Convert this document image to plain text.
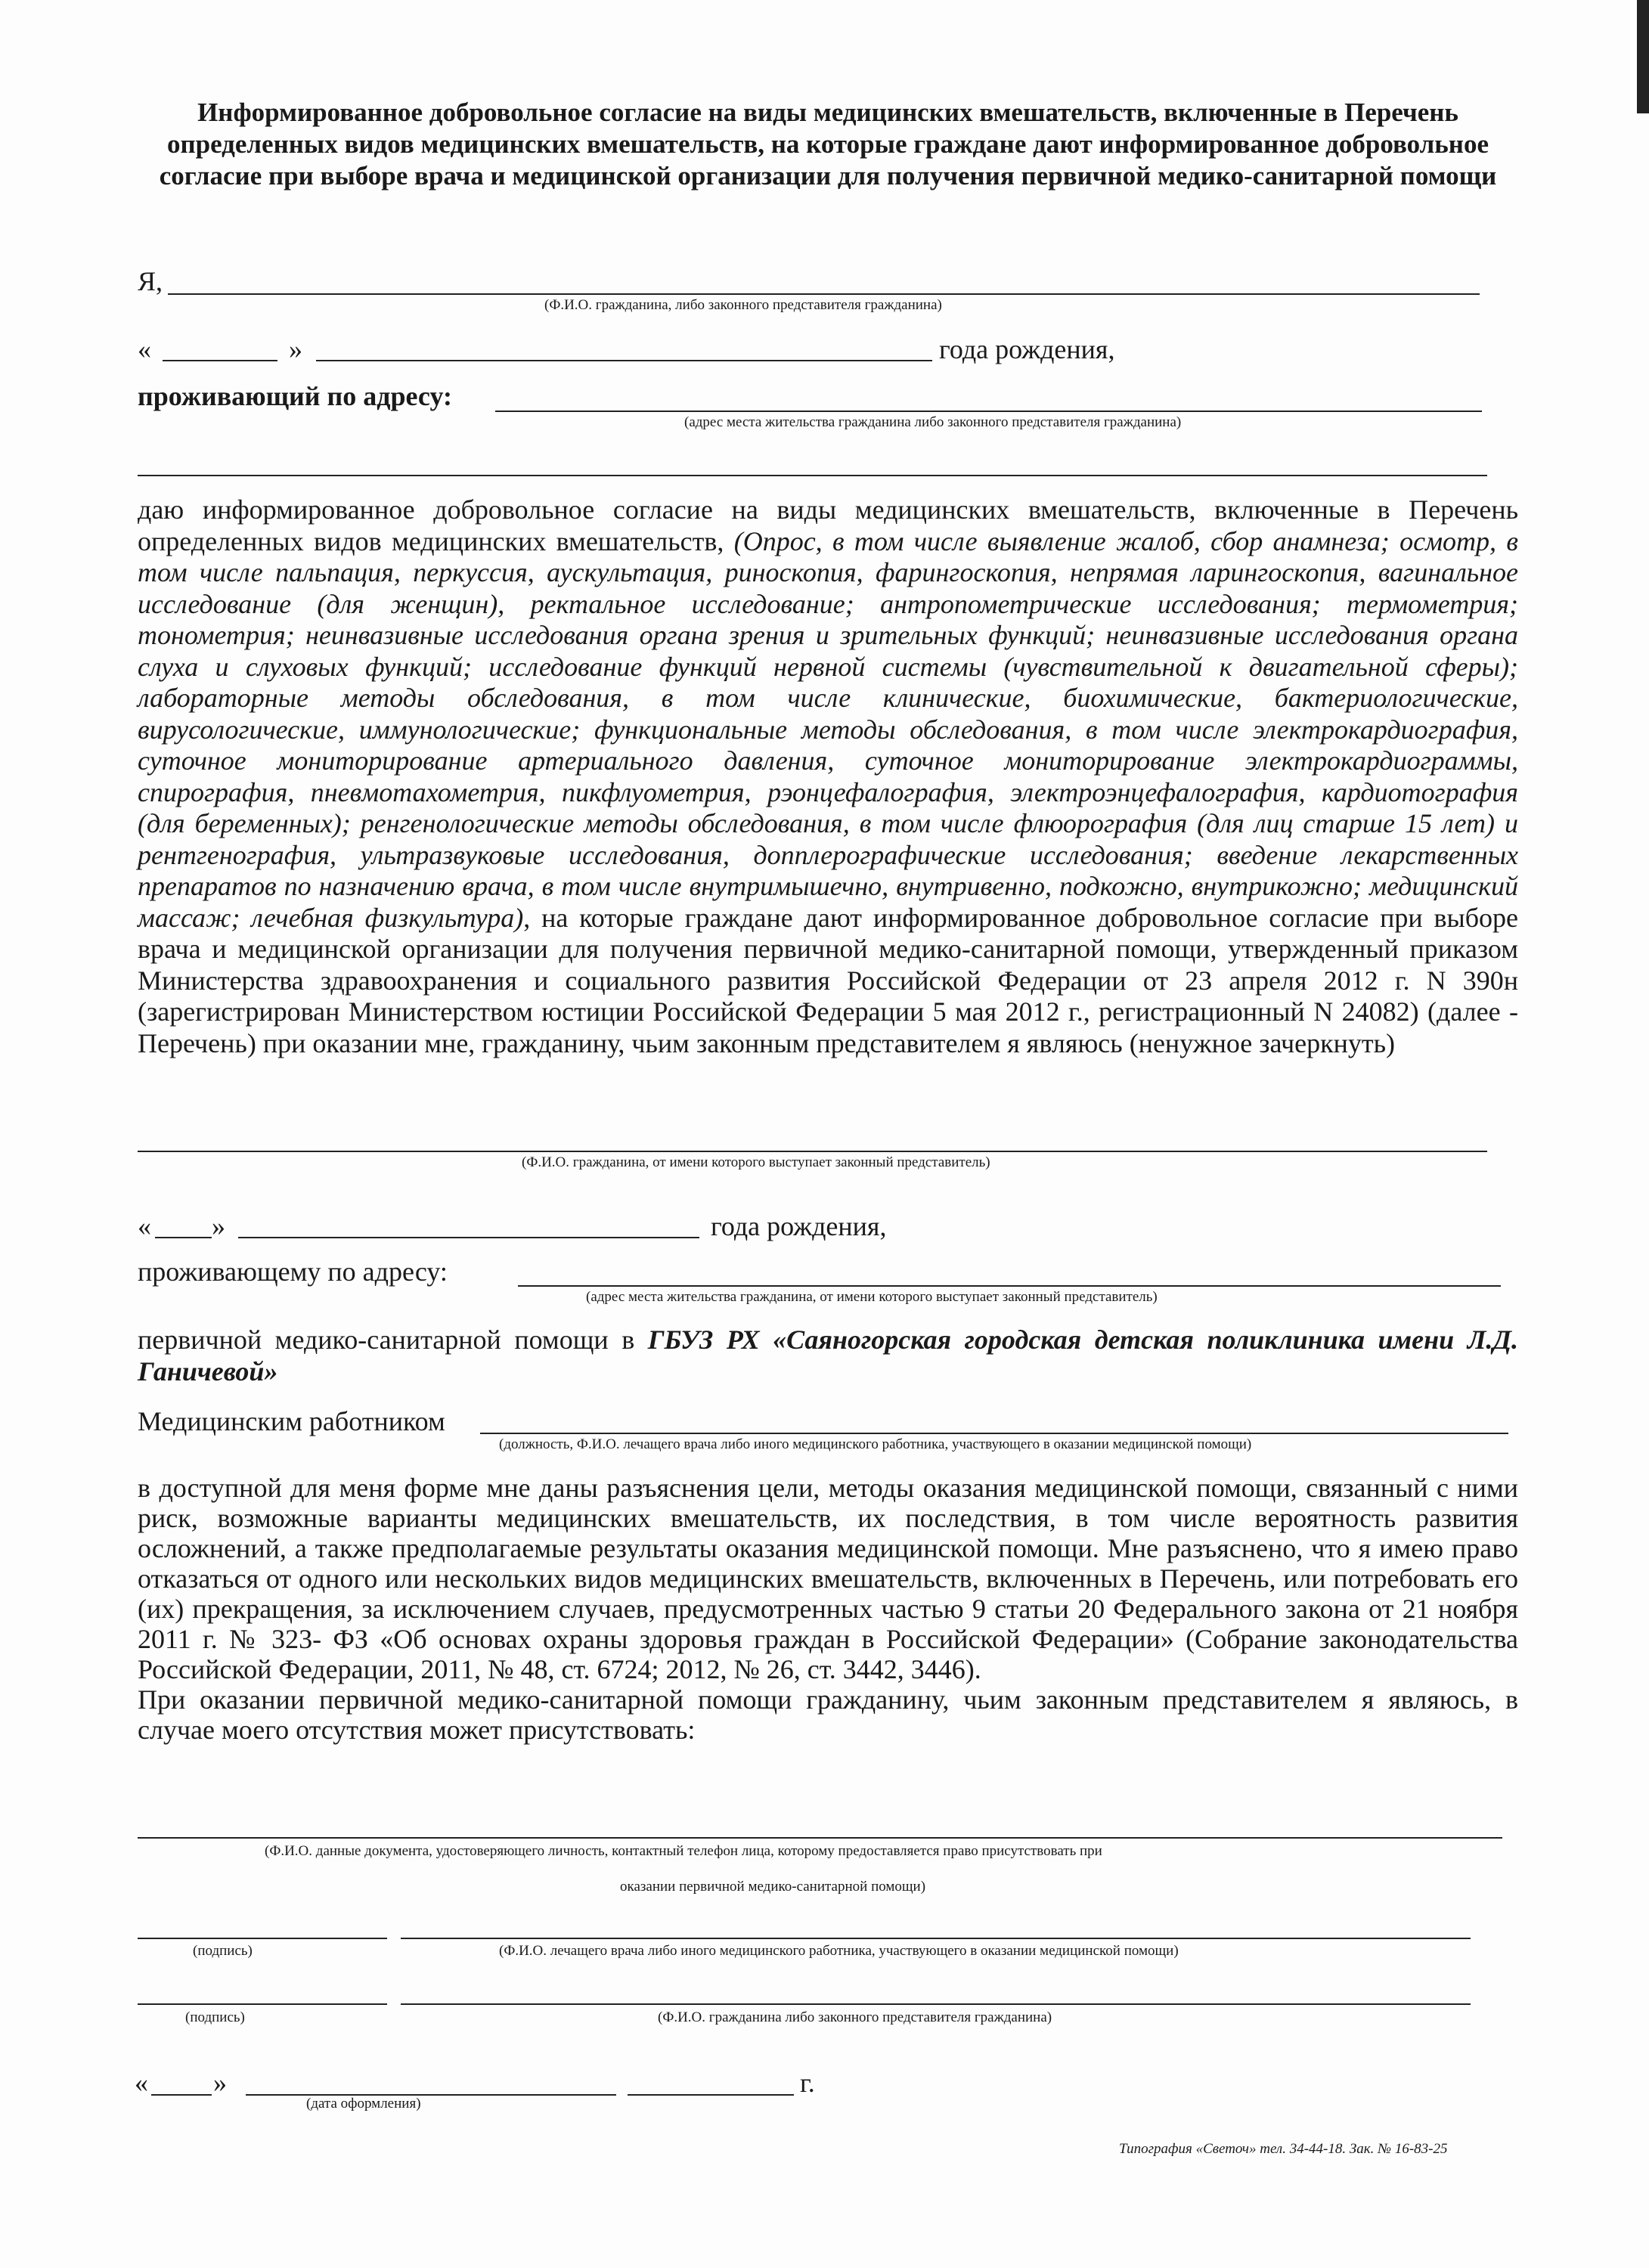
Информированное добровольное согласие на виды медицинских вмешательств, включенные в Перечень определенных видов медицинских вмешательств, на которые граждане дают информированное добровольное согласие при выборе врача и медицинской организации для получения первичной медико-санитарной помощи
Я,
(Ф.И.О. гражданина, либо законного представителя гражданина)
«	»	года рождения,
проживающий по адресу:
(адрес места жительства гражданина либо законного представителя гражданина)
даю информированное добровольное согласие на виды медицинских вмешательств, включенные в Перечень определенных видов медицинских вмешательств, (Опрос, в том числе выявление жалоб, сбор анамнеза; осмотр, в том числе пальпация, перкуссия, аускультация, риноскопия, фарингоскопия, непрямая ларингоскопия, вагинальное исследование (для женщин), ректальное исследование; антропометрические исследования; термометрия; тонометрия; неинвазивные исследования органа зрения и зрительных функций; неинвазивные исследования органа слуха и слуховых функций; исследование функций нервной системы (чувствительной к двигательной сферы); лабораторные методы обследования, в том числе клинические, биохимические, бактериологические, вирусологические, иммунологические; функциональные методы обследования, в том числе электрокардиография, суточное мониторирование артериального давления, суточное мониторирование электрокардиограммы, спирография, пневмотахометрия, пикфлуометрия, рэонцефалография, электроэнцефалография, кардиотография (для беременных); ренгенологические методы обследования, в том числе флюорография (для лиц старше 15 лет) и рентгенография, ультразвуковые исследования, допплерографические исследования; введение лекарственных препаратов по назначению врача, в том числе внутримышечно, внутривенно, подкожно, внутрикожно; медицинский массаж; лечебная физкультура), на которые граждане дают информированное добровольное согласие при выборе врача и медицинской организации для получения первичной медико-санитарной помощи, утвержденный приказом Министерства здравоохранения и социального развития Российской Федерации от 23 апреля 2012 г. N 390н (зарегистрирован Министерством юстиции Российской Федерации 5 мая 2012 г., регистрационный N 24082) (далее - Перечень) при оказании мне, гражданину, чьим законным представителем я являюсь (ненужное зачеркнуть)
(Ф.И.О. гражданина, от имени которого выступает законный представитель)
« »	года рождения,
проживающему по адресу:
(адрес места жительства гражданина, от имени которого выступает законный представитель)
первичной медико-санитарной помощи в ГБУЗ РХ «Саяногорская городская детская поликлиника имени Л.Д. Ганичевой»
Медицинским работником
(должность, Ф.И.О. лечащего врача либо иного медицинского работника, участвующего в оказании медицинской помощи)
в доступной для меня форме мне даны разъяснения цели, методы оказания медицинской помощи, связанный с ними риск, возможные варианты медицинских вмешательств, их последствия, в том числе вероятность развития осложнений, а также предполагаемые результаты оказания медицинской помощи. Мне разъяснено, что я имею право отказаться от одного или нескольких видов медицинских вмешательств, включенных в Перечень, или потребовать его (их) прекращения, за исключением случаев, предусмотренных частью 9 статьи 20 Федерального закона от 21 ноября 2011 г. № 323- ФЗ «Об основах охраны здоровья граждан в Российской Федерации» (Собрание законодательства Российской Федерации, 2011, № 48, ст. 6724; 2012, № 26, ст. 3442, 3446).
При оказании первичной медико-санитарной помощи гражданину, чьим законным представителем я являюсь, в случае моего отсутствия может присутствовать:
(Ф.И.О. данные документа, удостоверяющего личность, контактный телефон лица, которому предоставляется право присутствовать при
оказании первичной медико-санитарной помощи)
(подпись)	(Ф.И.О. лечащего врача либо иного медицинского работника, участвующего в оказании медицинской помощи)
(подпись)	(Ф.И.О. гражданина либо законного представителя гражданина)
« »	г.
(дата оформления)
Типография «Светоч» тел. 34-44-18. Зак. № 16-83-25
